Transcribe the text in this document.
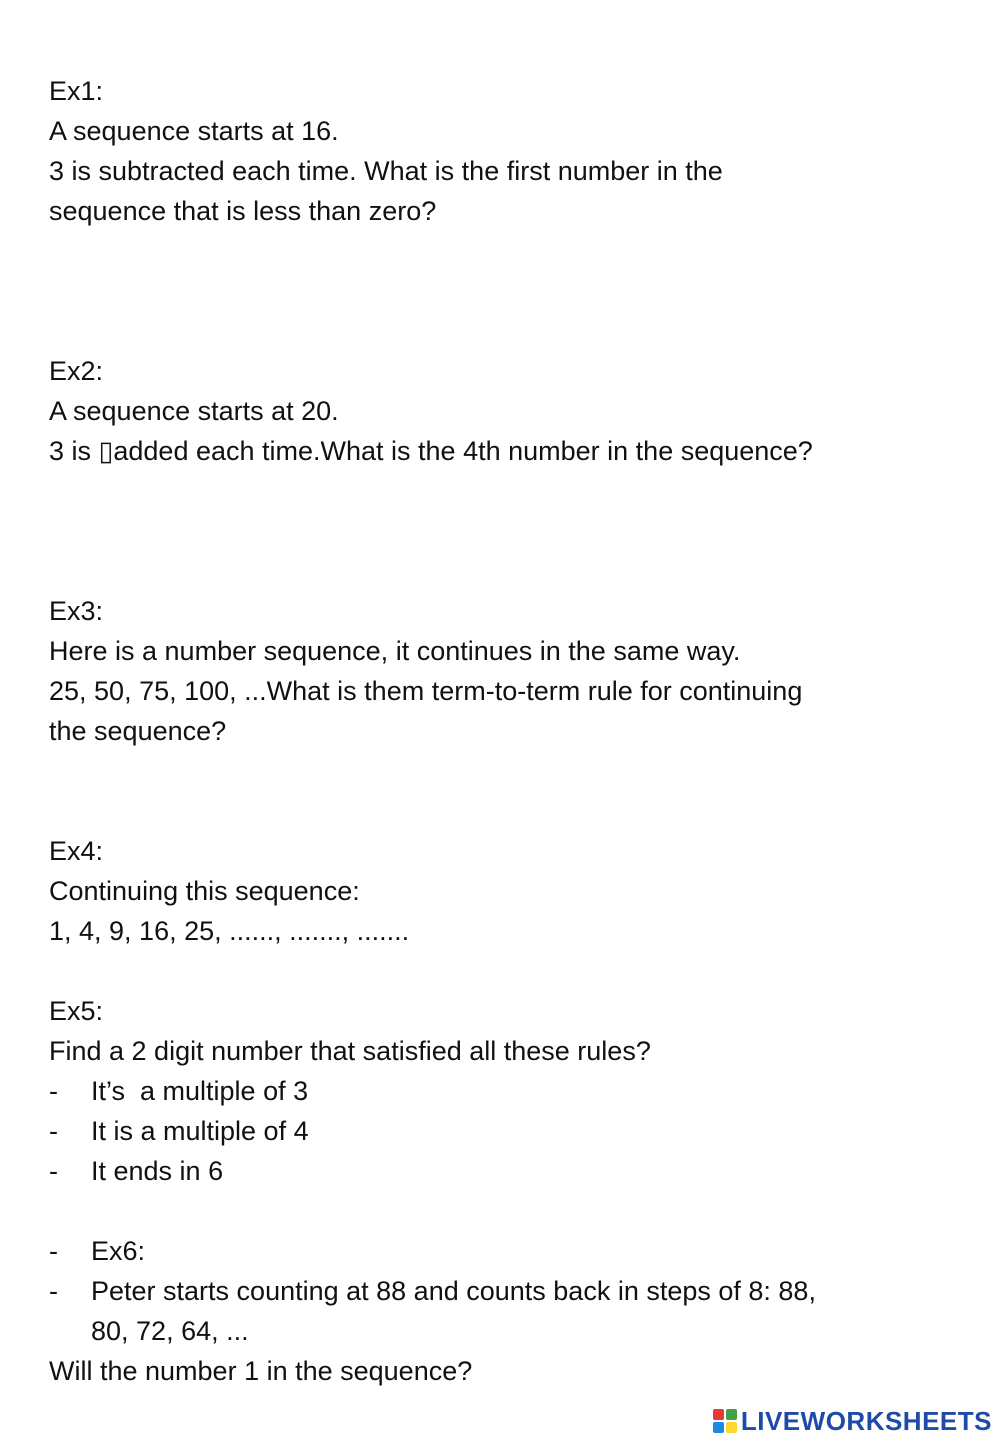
Ex1:
A sequence starts at 16.
3 is subtracted each time. What is the first number in the
sequence that is less than zero?
Ex2:
A sequence starts at 20.
3 is ▯added each time.What is the 4th number in the sequence?
Ex3:
Here is a number sequence, it continues in the same way.
25, 50, 75, 100, ...What is them term-to-term rule for continuing
the sequence?
Ex4:
Continuing this sequence:
1, 4, 9, 16, 25, ......, ......., .......
Ex5:
Find a 2 digit number that satisfied all these rules?
- It’s  a multiple of 3
- It is a multiple of 4
- It ends in 6
- Ex6:
- Peter starts counting at 88 and counts back in steps of 8: 88,
80, 72, 64, ...
Will the number 1 in the sequence?
LIVEWORKSHEETS
